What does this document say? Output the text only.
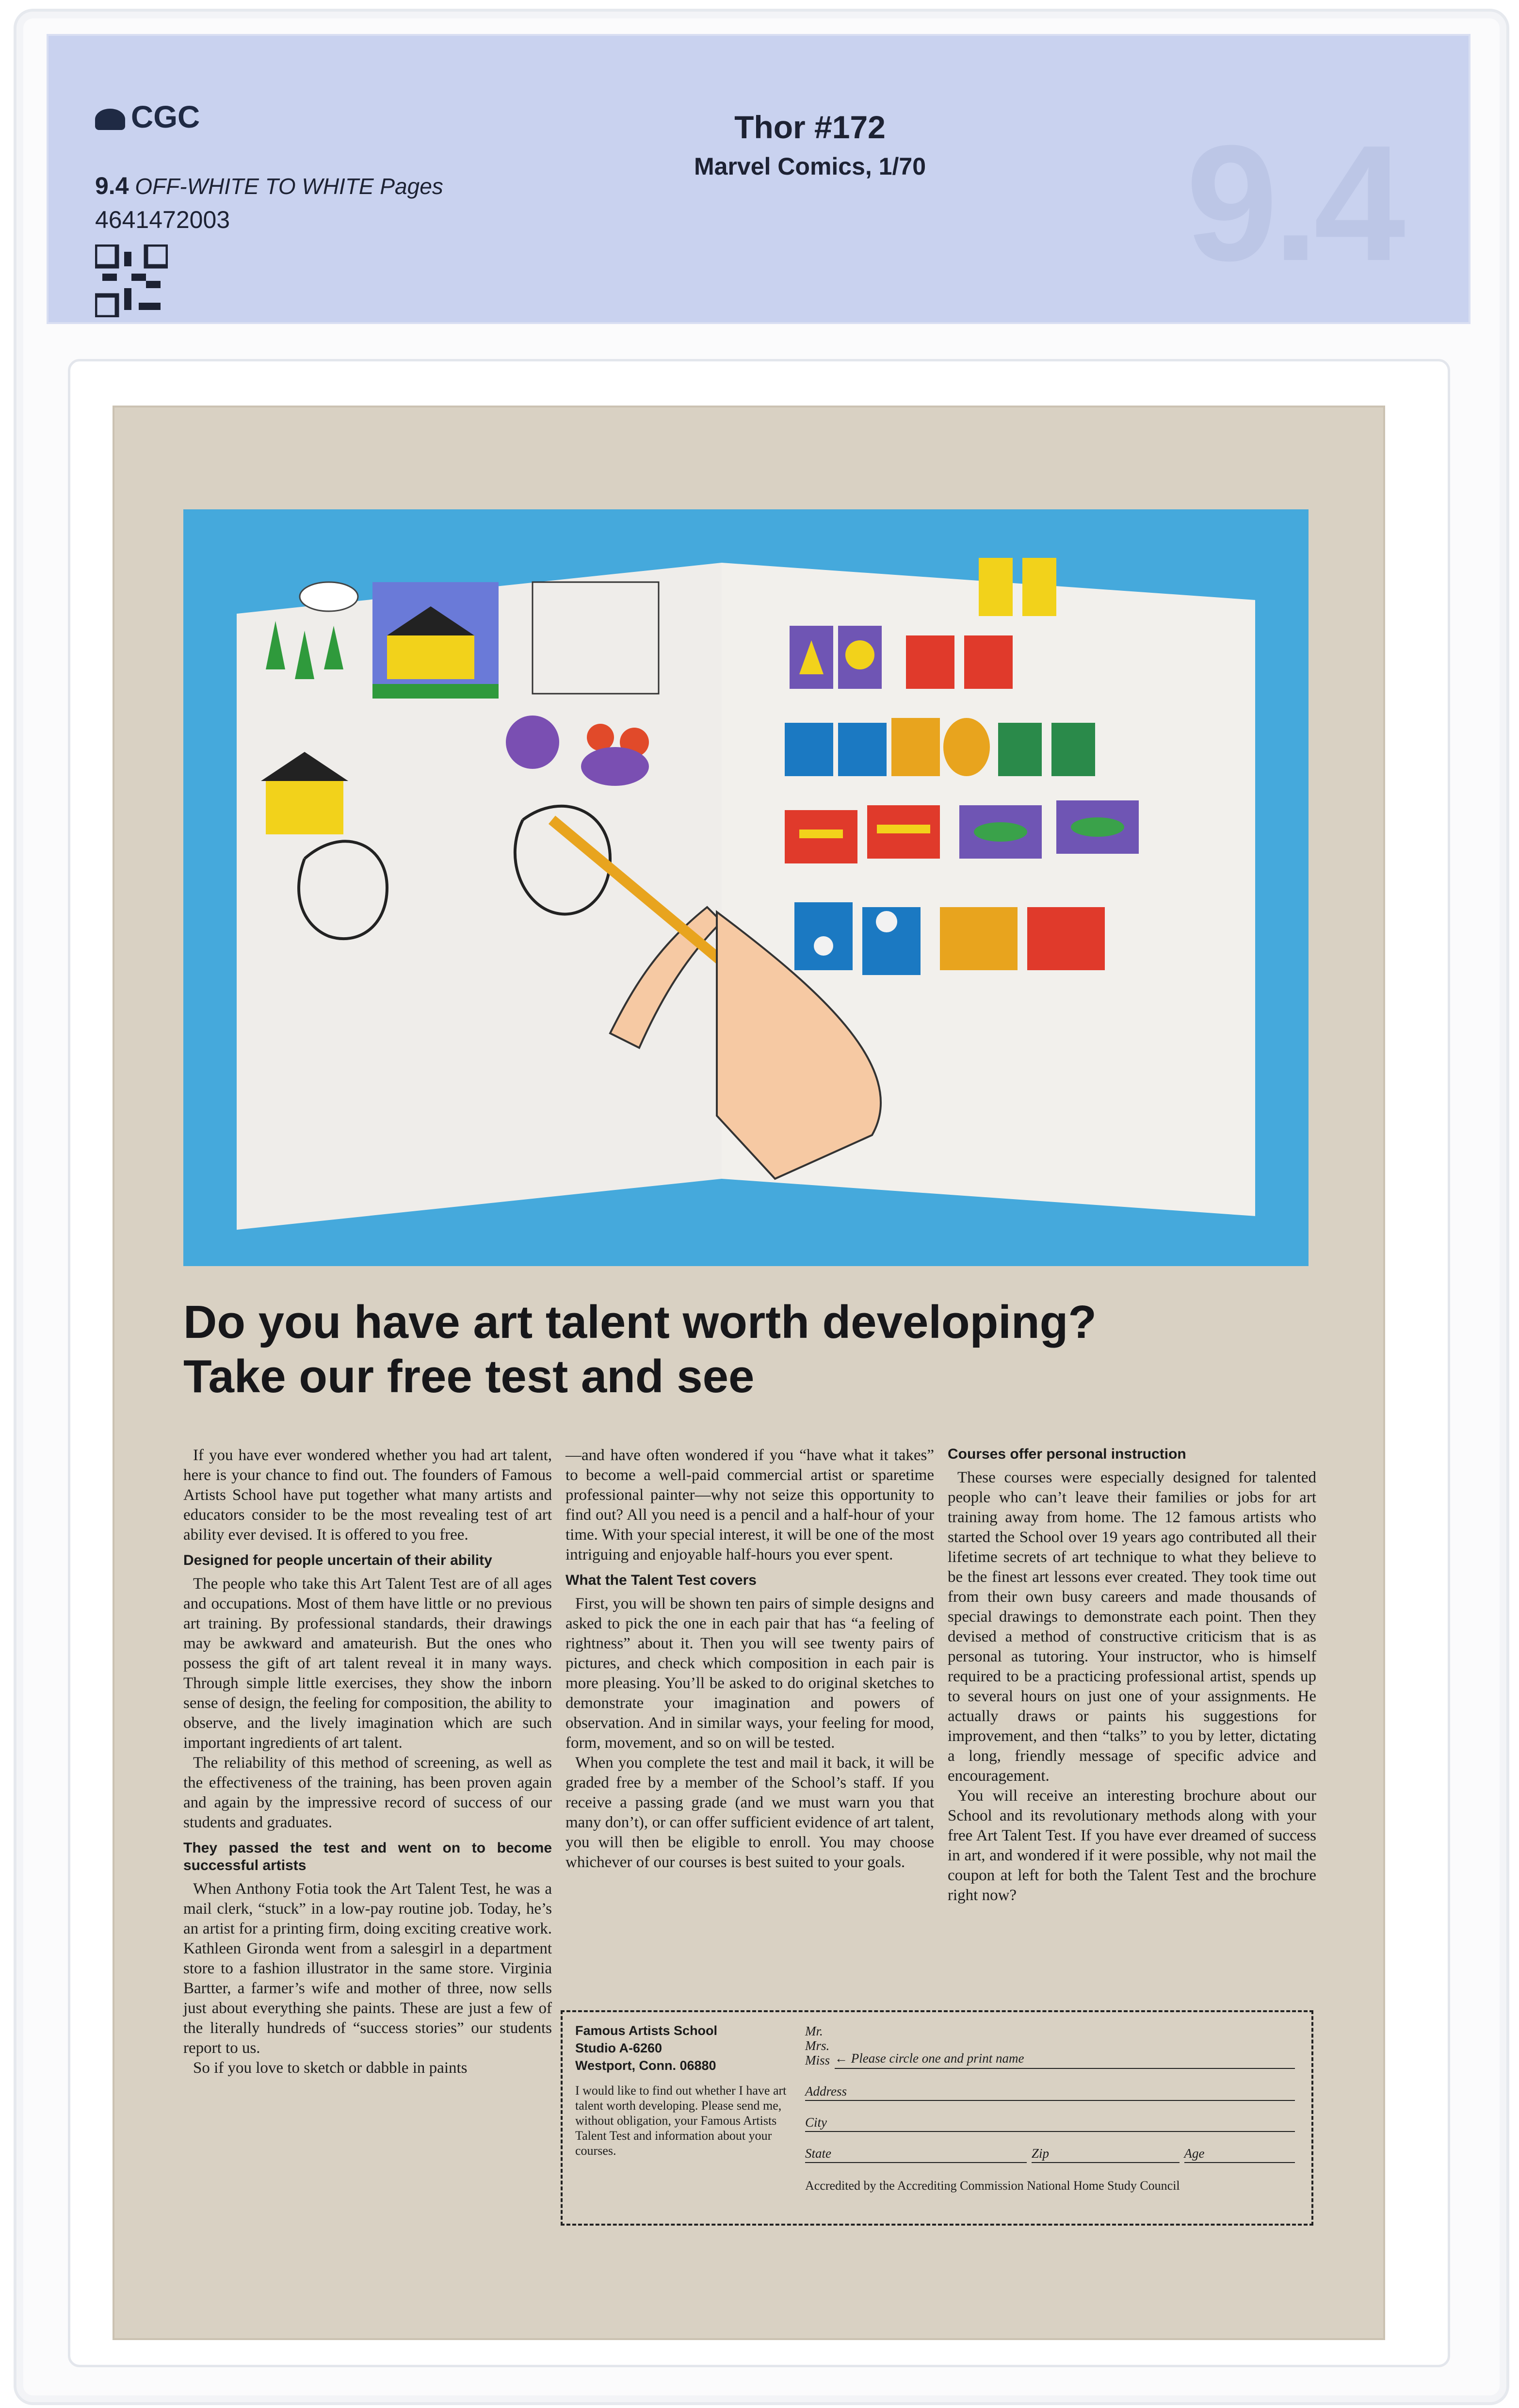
CGC
9.4 OFF-WHITE TO WHITE Pages
4641472003
Thor #172
Marvel Comics, 1/70	9.4
Do you have art talent worth developing?
Take our free test and see

If you have ever wondered whether you had art talent, here is your chance to find out. The founders of Famous Artists School have put together what many artists and educators consider to be the most revealing test of art ability ever devised. It is offered to you free.

Designed for people uncertain of their ability

The people who take this Art Talent Test are of all ages and occupations. Most of them have little or no previous art training. By professional standards, their drawings may be awkward and amateurish. But the ones who possess the gift of art talent reveal it in many ways. Through simple little exercises, they show the inborn sense of design, the feeling for composition, the ability to observe, and the lively imagination which are such important ingredients of art talent.

The reliability of this method of screening, as well as the effectiveness of the training, has been proven again and again by the impressive record of success of our students and graduates.

They passed the test and went on to become successful artists

When Anthony Fotia took the Art Talent Test, he was a mail clerk, “stuck” in a low-pay routine job. Today, he’s an artist for a printing firm, doing exciting creative work. Kathleen Gironda went from a salesgirl in a department store to a fashion illustrator in the same store. Virginia Bartter, a farmer’s wife and mother of three, now sells just about everything she paints. These are just a few of the literally hundreds of “success stories” our students report to us.

So if you love to sketch or dabble in paints

—and have often wondered if you “have what it takes” to become a well-paid commercial artist or sparetime professional painter—why not seize this opportunity to find out? All you need is a pencil and a half-hour of your time. With your special interest, it will be one of the most intriguing and enjoyable half-hours you ever spent.

What the Talent Test covers

First, you will be shown ten pairs of simple designs and asked to pick the one in each pair that has “a feeling of rightness” about it. Then you will see twenty pairs of pictures, and check which composition in each pair is more pleasing. You’ll be asked to do original sketches to demonstrate your imagination and powers of observation. And in similar ways, your feeling for mood, form, movement, and so on will be tested.

When you complete the test and mail it back, it will be graded free by a member of the School’s staff. If you receive a passing grade (and we must warn you that many don’t), or can offer sufficient evidence of art talent, you will then be eligible to enroll. You may choose whichever of our courses is best suited to your goals.

Courses offer personal instruction

These courses were especially designed for talented people who can’t leave their families or jobs for art training away from home. The 12 famous artists who started the School over 19 years ago contributed all their lifetime secrets of art technique to what they believe to be the finest art lessons ever created. They took time out from their own busy careers and made thousands of special drawings to demonstrate each point. Then they devised a method of constructive criticism that is as personal as tutoring. Your instructor, who is himself required to be a practicing professional artist, spends up to several hours on just one of your assignments. He actually draws or paints his suggestions for improvement, and then “talks” to you by letter, dictating a long, friendly message of specific advice and encouragement.

You will receive an interesting brochure about our School and its revolutionary methods along with your free Art Talent Test. If you have ever dreamed of success in art, and wondered if it were possible, why not mail the coupon at left for both the Talent Test and the brochure right now?

Famous Artists School
Studio A-6260
Westport, Conn. 06880

I would like to find out whether I have art talent worth developing. Please send me, without obligation, your Famous Artists Talent Test and information about your courses.

Mr.
Mrs.
Miss ← Please circle one and print name
Address
City
State	Zip	Age
Accredited by the Accrediting Commission National Home Study Council
